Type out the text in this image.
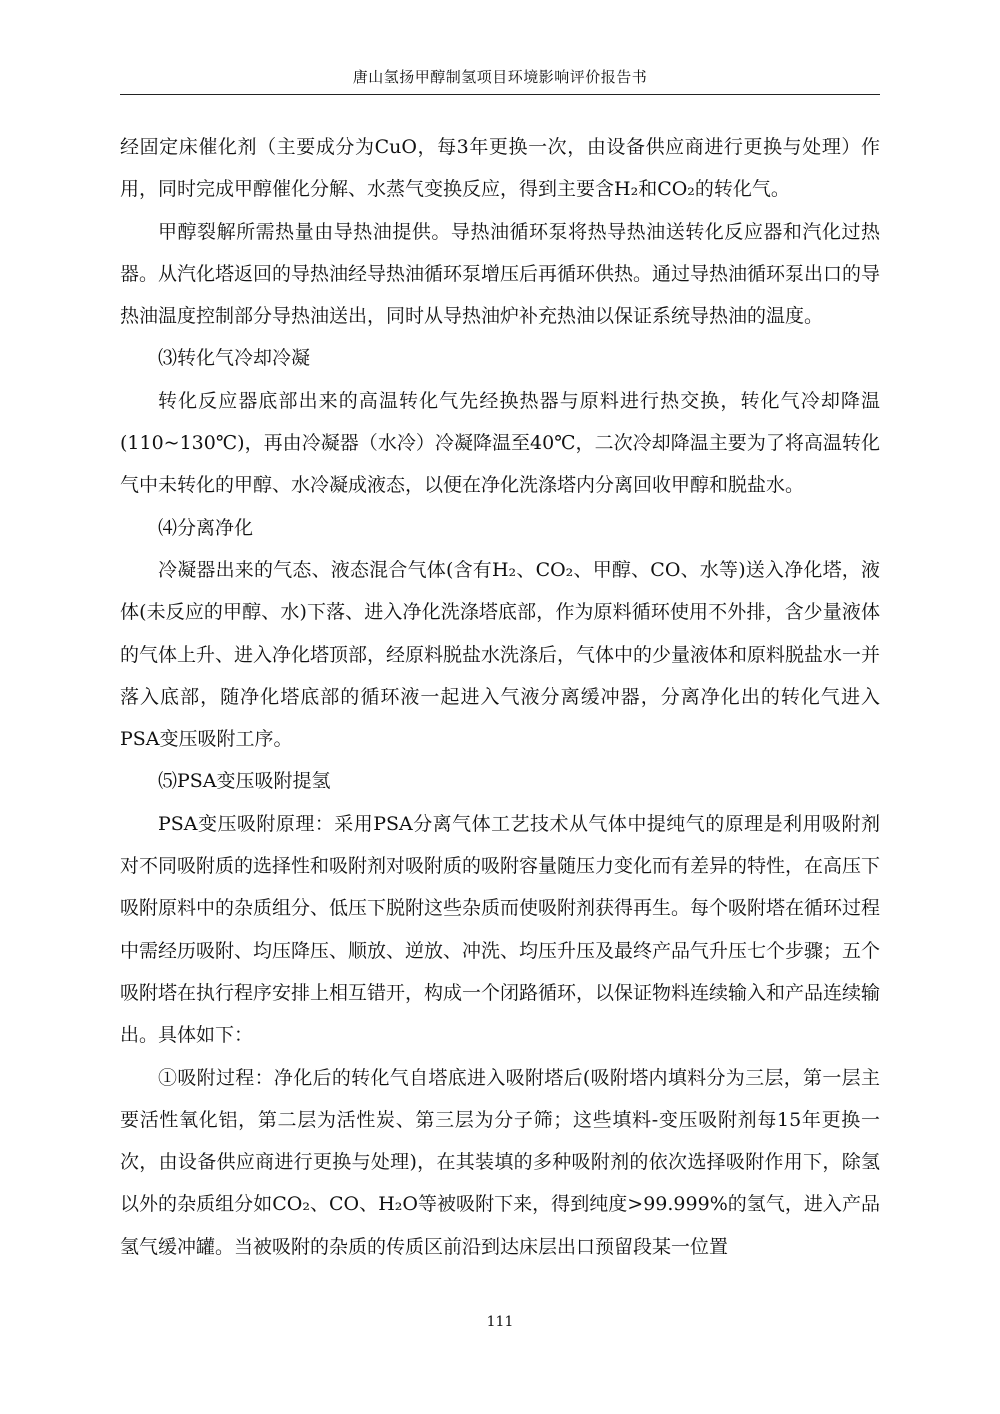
唐山氢扬甲醇制氢项目环境影响评价报告书

经固定床催化剂（主要成分为CuO，每3年更换一次，由设备供应商进行更换与处理）作用，同时完成甲醇催化分解、水蒸气变换反应，得到主要含H₂和CO₂的转化气。

甲醇裂解所需热量由导热油提供。导热油循环泵将热导热油送转化反应器和汽化过热器。从汽化塔返回的导热油经导热油循环泵增压后再循环供热。通过导热油循环泵出口的导热油温度控制部分导热油送出，同时从导热油炉补充热油以保证系统导热油的温度。

⑶转化气冷却冷凝

转化反应器底部出来的高温转化气先经换热器与原料进行热交换，转化气冷却降温(110~130℃)，再由冷凝器（水冷）冷凝降温至40℃，二次冷却降温主要为了将高温转化气中未转化的甲醇、水冷凝成液态，以便在净化洗涤塔内分离回收甲醇和脱盐水。

⑷分离净化

冷凝器出来的气态、液态混合气体(含有H₂、CO₂、甲醇、CO、水等)送入净化塔，液体(未反应的甲醇、水)下落、进入净化洗涤塔底部，作为原料循环使用不外排，含少量液体的气体上升、进入净化塔顶部，经原料脱盐水洗涤后，气体中的少量液体和原料脱盐水一并落入底部，随净化塔底部的循环液一起进入气液分离缓冲器，分离净化出的转化气进入PSA变压吸附工序。

⑸PSA变压吸附提氢

PSA变压吸附原理：采用PSA分离气体工艺技术从气体中提纯气的原理是利用吸附剂对不同吸附质的选择性和吸附剂对吸附质的吸附容量随压力变化而有差异的特性，在高压下吸附原料中的杂质组分、低压下脱附这些杂质而使吸附剂获得再生。每个吸附塔在循环过程中需经历吸附、均压降压、顺放、逆放、冲洗、均压升压及最终产品气升压七个步骤；五个吸附塔在执行程序安排上相互错开，构成一个闭路循环，以保证物料连续输入和产品连续输出。具体如下：

①吸附过程：净化后的转化气自塔底进入吸附塔后(吸附塔内填料分为三层，第一层主要活性氧化铝，第二层为活性炭、第三层为分子筛；这些填料-变压吸附剂每15年更换一次，由设备供应商进行更换与处理)，在其装填的多种吸附剂的依次选择吸附作用下，除氢以外的杂质组分如CO₂、CO、H₂O等被吸附下来，得到纯度>99.999%的氢气，进入产品氢气缓冲罐。当被吸附的杂质的传质区前沿到达床层出口预留段某一位置

111
